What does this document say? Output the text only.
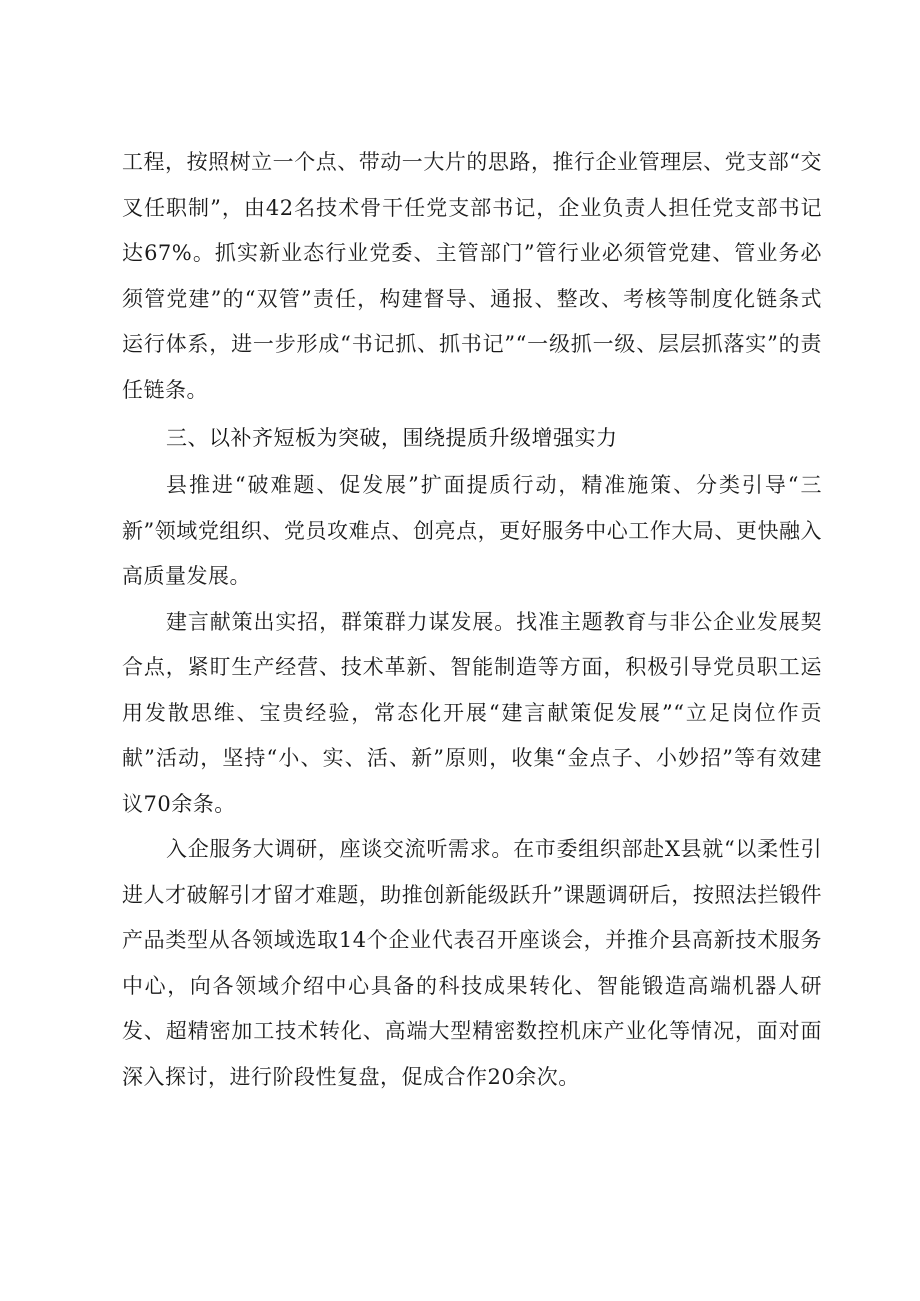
工程，按照树立一个点、带动一大片的思路，推行企业管理层、党支部“交叉任职制”，由42名技术骨干任党支部书记，企业负责人担任党支部书记达67%。抓实新业态行业党委、主管部门”管行业必须管党建、管业务必须管党建”的“双管”责任，构建督导、通报、整改、考核等制度化链条式运行体系，进一步形成“书记抓、抓书记”“一级抓一级、层层抓落实”的责任链条。

三、以补齐短板为突破，围绕提质升级增强实力

县推进“破难题、促发展”扩面提质行动，精准施策、分类引导“三新”领域党组织、党员攻难点、创亮点，更好服务中心工作大局、更快融入高质量发展。

建言献策出实招，群策群力谋发展。找准主题教育与非公企业发展契合点，紧盯生产经营、技术革新、智能制造等方面，积极引导党员职工运用发散思维、宝贵经验，常态化开展“建言献策促发展”“立足岗位作贡献”活动，坚持“小、实、活、新”原则，收集“金点子、小妙招”等有效建议70余条。

入企服务大调研，座谈交流听需求。在市委组织部赴X县就“以柔性引进人才破解引才留才难题，助推创新能级跃升”课题调研后，按照法拦锻件产品类型从各领域选取14个企业代表召开座谈会，并推介县高新技术服务中心，向各领域介绍中心具备的科技成果转化、智能锻造高端机器人研发、超精密加工技术转化、高端大型精密数控机床产业化等情况，面对面深入探讨，进行阶段性复盘，促成合作20余次。
